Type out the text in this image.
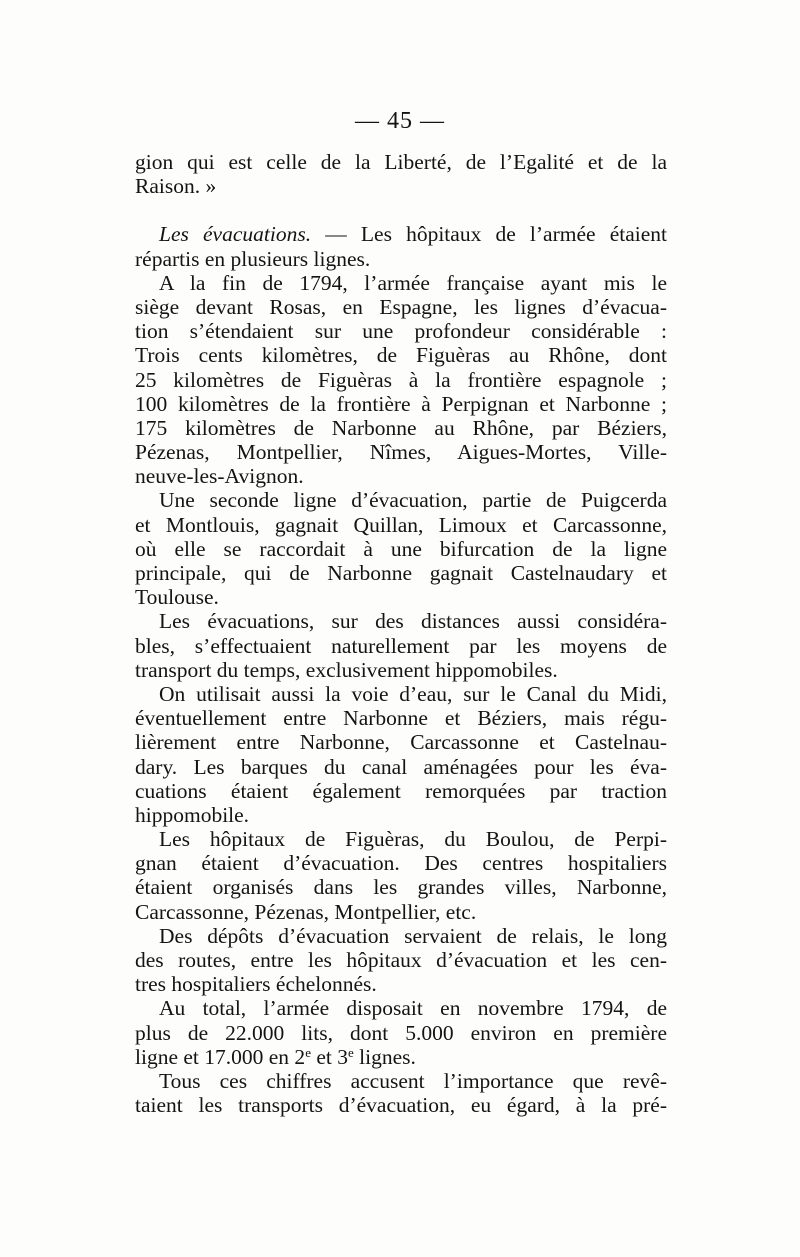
— 45 —
gion qui est celle de la Liberté, de l’Egalité et de la
Raison. »
Les évacuations. — Les hôpitaux de l’armée étaient
répartis en plusieurs lignes.
A la fin de 1794, l’armée française ayant mis le
siège devant Rosas, en Espagne, les lignes d’évacua-
tion s’étendaient sur une profondeur considérable :
Trois cents kilomètres, de Figuèras au Rhône, dont
25 kilomètres de Figuèras à la frontière espagnole ;
100 kilomètres de la frontière à Perpignan et Narbonne ;
175 kilomètres de Narbonne au Rhône, par Béziers,
Pézenas, Montpellier, Nîmes, Aigues-Mortes, Ville-
neuve-les-Avignon.
Une seconde ligne d’évacuation, partie de Puigcerda
et Montlouis, gagnait Quillan, Limoux et Carcassonne,
où elle se raccordait à une bifurcation de la ligne
principale, qui de Narbonne gagnait Castelnaudary et
Toulouse.
Les évacuations, sur des distances aussi considéra-
bles, s’effectuaient naturellement par les moyens de
transport du temps, exclusivement hippomobiles.
On utilisait aussi la voie d’eau, sur le Canal du Midi,
éventuellement entre Narbonne et Béziers, mais régu-
lièrement entre Narbonne, Carcassonne et Castelnau-
dary. Les barques du canal aménagées pour les éva-
cuations étaient également remorquées par traction
hippomobile.
Les hôpitaux de Figuèras, du Boulou, de Perpi-
gnan étaient d’évacuation. Des centres hospitaliers
étaient organisés dans les grandes villes, Narbonne,
Carcassonne, Pézenas, Montpellier, etc.
Des dépôts d’évacuation servaient de relais, le long
des routes, entre les hôpitaux d’évacuation et les cen-
tres hospitaliers échelonnés.
Au total, l’armée disposait en novembre 1794, de
plus de 22.000 lits, dont 5.000 environ en première
ligne et 17.000 en 2e et 3e lignes.
Tous ces chiffres accusent l’importance que revê-
taient les transports d’évacuation, eu égard, à la pré-
